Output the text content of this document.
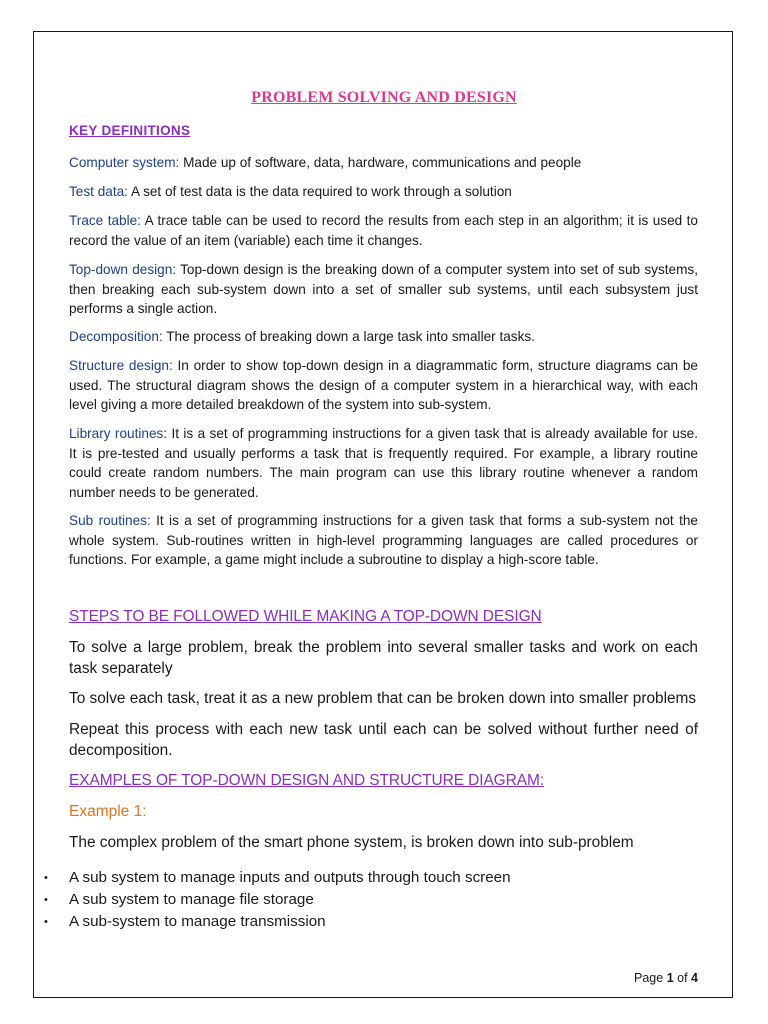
PROBLEM SOLVING AND DESIGN
KEY DEFINITIONS
Computer system: Made up of software, data, hardware, communications and people
Test data: A set of test data is the data required to work through a solution
Trace table: A trace table can be used to record the results from each step in an algorithm; it is used to record the value of an item (variable) each time it changes.
Top-down design: Top-down design is the breaking down of a computer system into set of sub systems, then breaking each sub-system down into a set of smaller sub systems, until each subsystem just performs a single action.
Decomposition: The process of breaking down a large task into smaller tasks.
Structure design: In order to show top-down design in a diagrammatic form, structure diagrams can be used. The structural diagram shows the design of a computer system in a hierarchical way, with each level giving a more detailed breakdown of the system into sub-system.
Library routines: It is a set of programming instructions for a given task that is already available for use. It is pre-tested and usually performs a task that is frequently required. For example, a library routine could create random numbers. The main program can use this library routine whenever a random number needs to be generated.
Sub routines: It is a set of programming instructions for a given task that forms a sub-system not the whole system. Sub-routines written in high-level programming languages are called procedures or functions. For example, a game might include a subroutine to display a high-score table.
STEPS TO BE FOLLOWED WHILE MAKING A TOP-DOWN DESIGN
To solve a large problem, break the problem into several smaller tasks and work on each task separately
To solve each task, treat it as a new problem that can be broken down into smaller problems
Repeat this process with each new task until each can be solved without further need of decomposition.
EXAMPLES OF TOP-DOWN DESIGN AND STRUCTURE DIAGRAM:
Example 1:
The complex problem of the smart phone system, is broken down into sub-problem
• A sub system to manage inputs and outputs through touch screen
• A sub system to manage file storage
• A sub-system to manage transmission
Page 1 of 4
